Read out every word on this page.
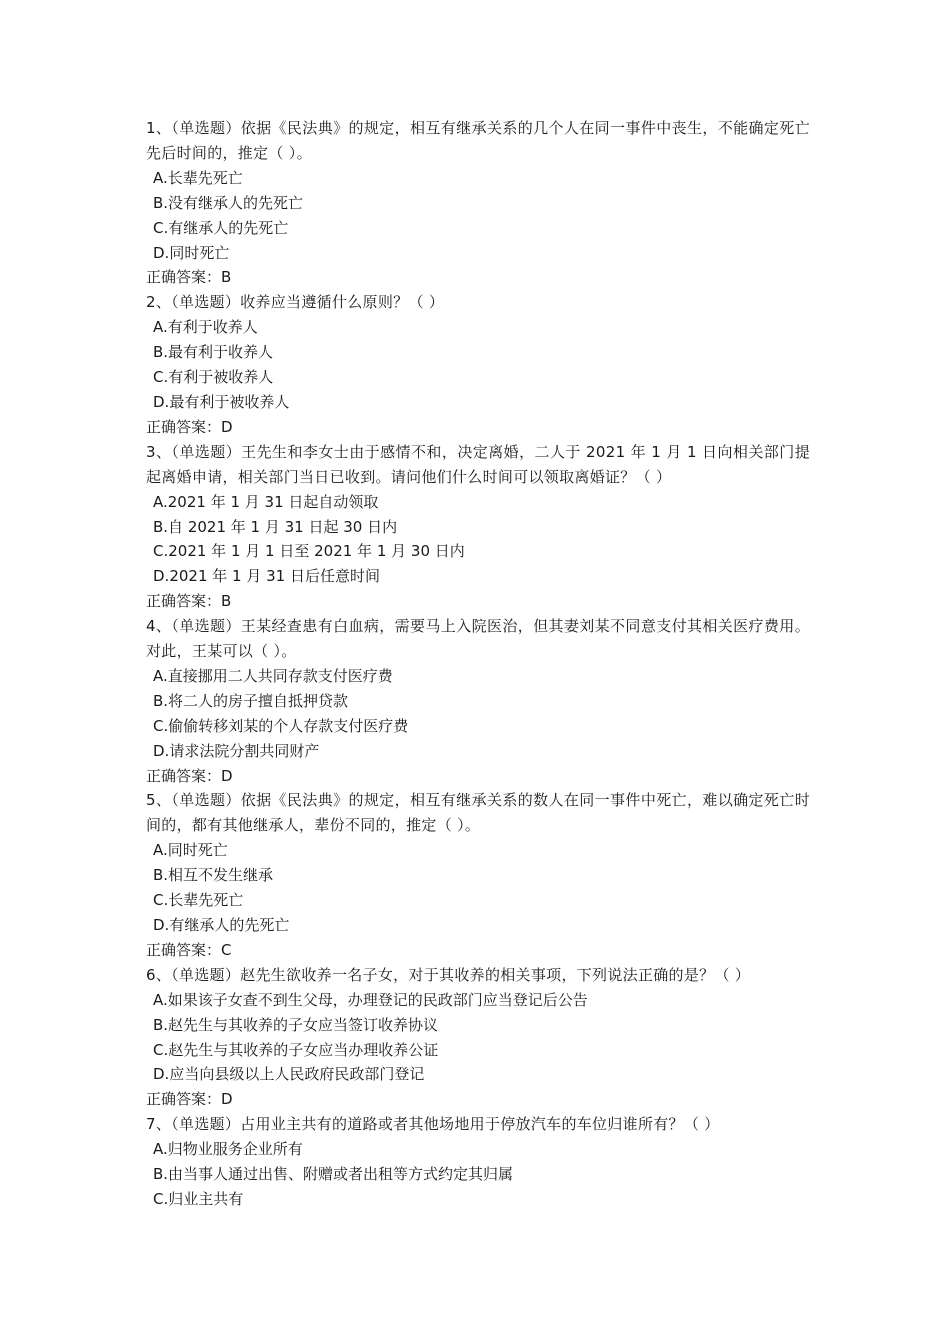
1、（单选题）依据《民法典》的规定，相互有继承关系的几个人在同一事件中丧生，不能确定死亡先后时间的，推定（ ）。
A.长辈先死亡
B.没有继承人的先死亡
C.有继承人的先死亡
D.同时死亡
正确答案：B
2、（单选题）收养应当遵循什么原则？（ ）
A.有利于收养人
B.最有利于收养人
C.有利于被收养人
D.最有利于被收养人
正确答案：D
3、（单选题）王先生和李女士由于感情不和，决定离婚，二人于 2021 年 1 月 1 日向相关部门提起离婚申请，相关部门当日已收到。请问他们什么时间可以领取离婚证？（ ）
A.2021 年 1 月 31 日起自动领取
B.自 2021 年 1 月 31 日起 30 日内
C.2021 年 1 月 1 日至 2021 年 1 月 30 日内
D.2021 年 1 月 31 日后任意时间
正确答案：B
4、（单选题）王某经查患有白血病，需要马上入院医治，但其妻刘某不同意支付其相关医疗费用。对此，王某可以（ ）。
A.直接挪用二人共同存款支付医疗费
B.将二人的房子擅自抵押贷款
C.偷偷转移刘某的个人存款支付医疗费
D.请求法院分割共同财产
正确答案：D
5、（单选题）依据《民法典》的规定，相互有继承关系的数人在同一事件中死亡，难以确定死亡时间的，都有其他继承人，辈份不同的，推定（ ）。
A.同时死亡
B.相互不发生继承
C.长辈先死亡
D.有继承人的先死亡
正确答案：C
6、（单选题）赵先生欲收养一名子女，对于其收养的相关事项，下列说法正确的是？（ ）
A.如果该子女查不到生父母，办理登记的民政部门应当登记后公告
B.赵先生与其收养的子女应当签订收养协议
C.赵先生与其收养的子女应当办理收养公证
D.应当向县级以上人民政府民政部门登记
正确答案：D
7、（单选题）占用业主共有的道路或者其他场地用于停放汽车的车位归谁所有？（ ）
A.归物业服务企业所有
B.由当事人通过出售、附赠或者出租等方式约定其归属
C.归业主共有
